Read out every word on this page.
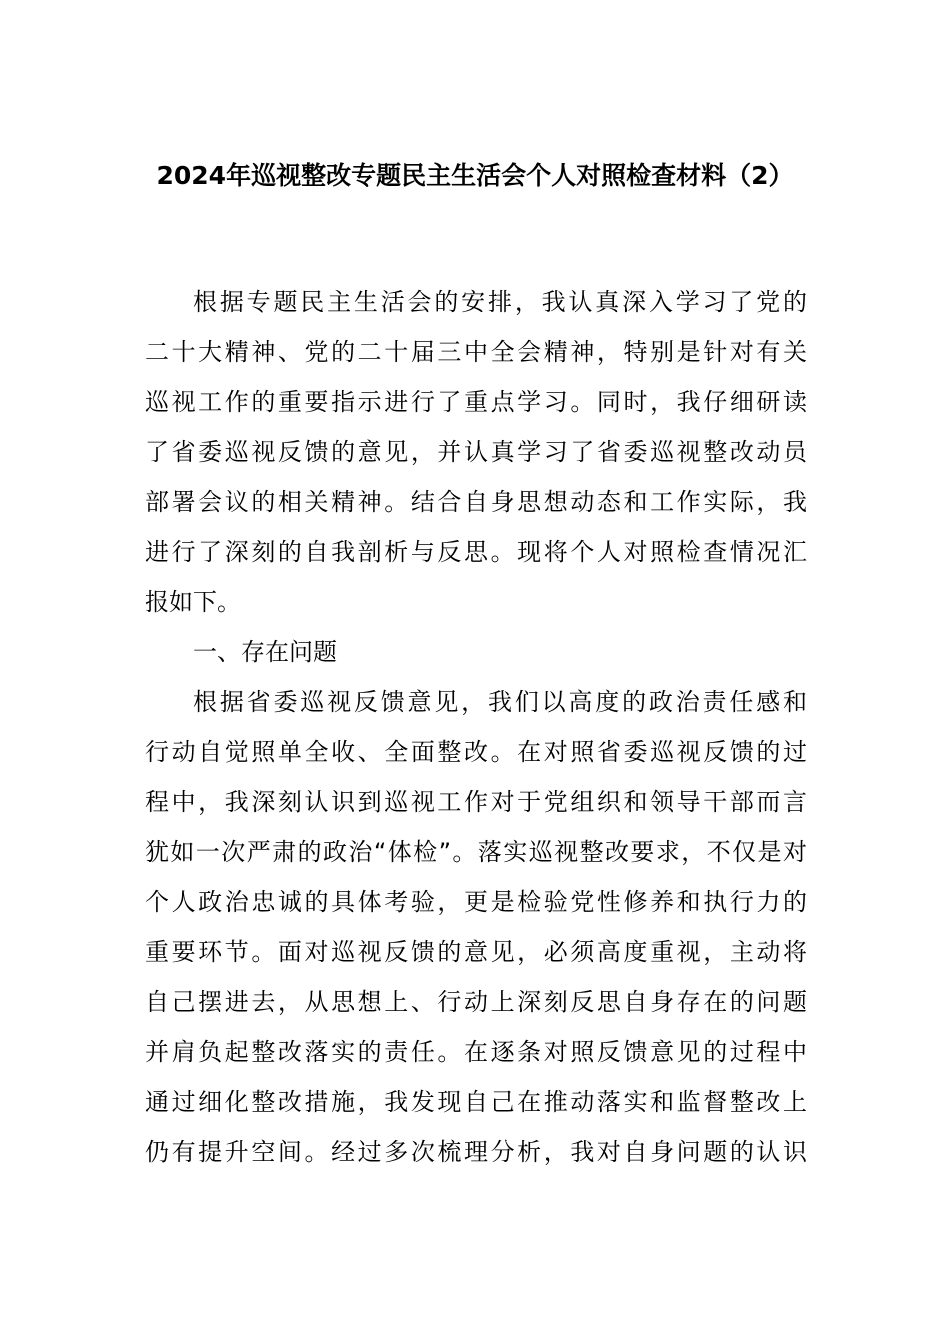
2024年巡视整改专题民主生活会个人对照检查材料（2）
根据专题民主生活会的安排，我认真深入学习了党的
二十大精神、党的二十届三中全会精神，特别是针对有关
巡视工作的重要指示进行了重点学习。同时，我仔细研读
了省委巡视反馈的意见，并认真学习了省委巡视整改动员
部署会议的相关精神。结合自身思想动态和工作实际，我
进行了深刻的自我剖析与反思。现将个人对照检查情况汇
报如下。
一、存在问题
根据省委巡视反馈意见，我们以高度的政治责任感和
行动自觉照单全收、全面整改。在对照省委巡视反馈的过
程中，我深刻认识到巡视工作对于党组织和领导干部而言
犹如一次严肃的政治“体检”。落实巡视整改要求，不仅是对
个人政治忠诚的具体考验，更是检验党性修养和执行力的
重要环节。面对巡视反馈的意见，必须高度重视，主动将
自己摆进去，从思想上、行动上深刻反思自身存在的问题
并肩负起整改落实的责任。在逐条对照反馈意见的过程中
通过细化整改措施，我发现自己在推动落实和监督整改上
仍有提升空间。经过多次梳理分析，我对自身问题的认识
